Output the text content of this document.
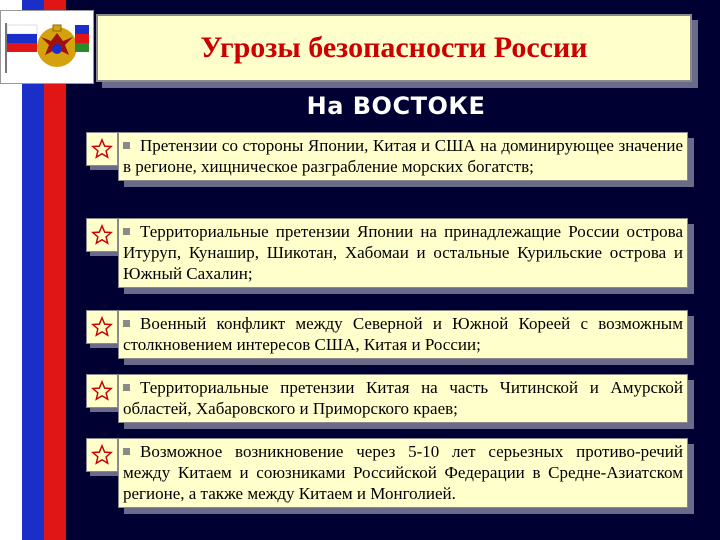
Угрозы безопасности России
На ВОСТОКЕ
Претензии со стороны Японии, Китая и США на доминирующее значение в регионе, хищническое разграбление морских богатств;
Территориальные претензии Японии на принадлежащие России острова Итуруп, Кунашир, Шикотан, Хабомаи и остальные Курильские острова и Южный Сахалин;
Военный конфликт между Северной и Южной Кореей с возможным столкновением интересов США, Китая и России;
Территориальные претензии Китая на часть Читинской и Амурской областей, Хабаровского и Приморского краев;
Возможное возникновение через 5-10 лет серьезных противо-речий между Китаем и союзниками Российской Федерации в Средне-Азиатском регионе, а также между Китаем и Монголией.
